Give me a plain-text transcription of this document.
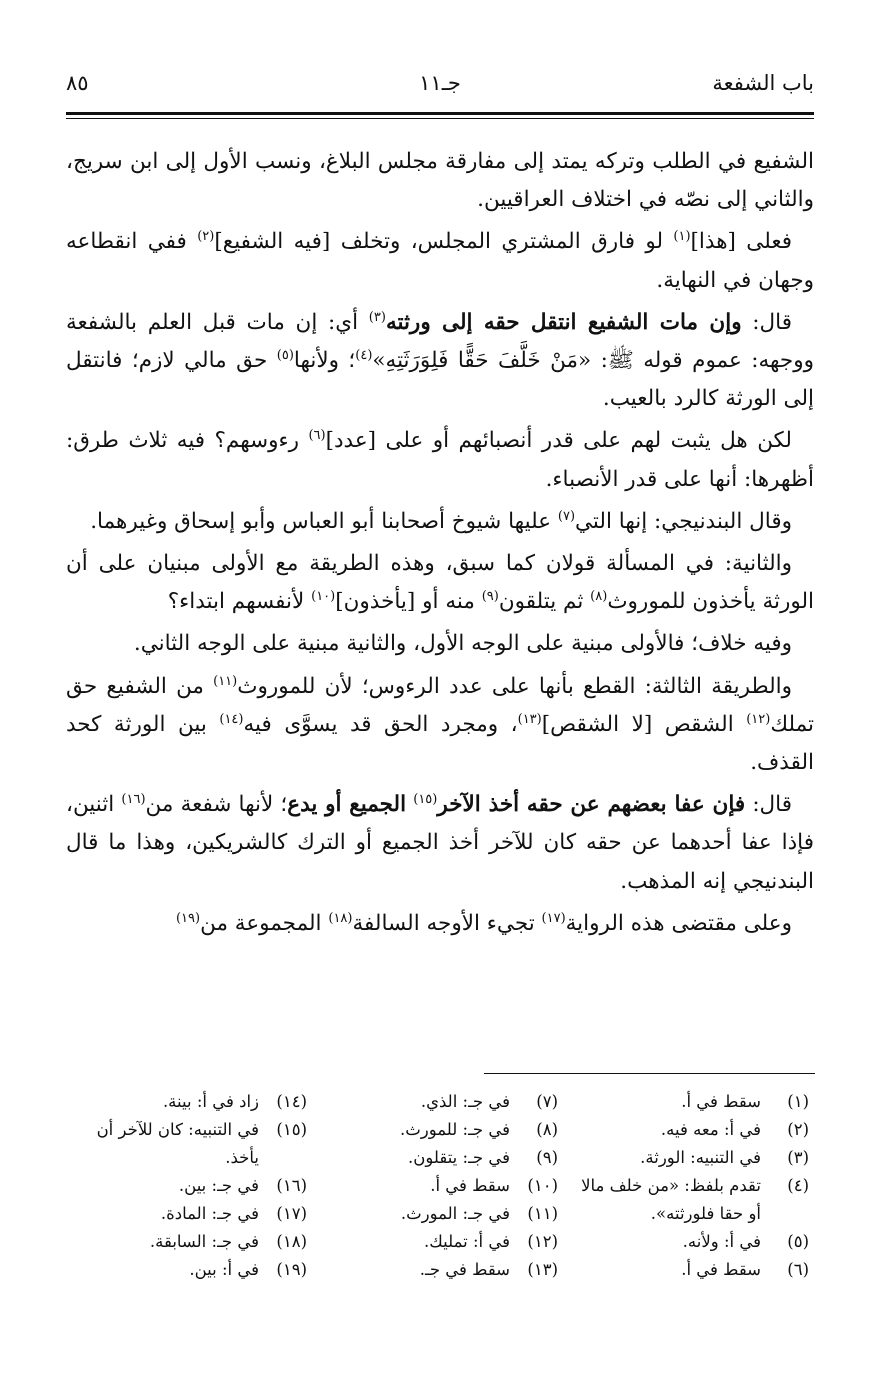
باب الشفعة
جـ١١
٨٥

الشفيع في الطلب وتركه يمتد إلى مفارقة مجلس البلاغ، ونسب الأول إلى ابن سريج، والثاني إلى نصّه في اختلاف العراقيين.

فعلى [هذا]$^{(١)}$ لو فارق المشتري المجلس، وتخلف [فيه الشفيع]$^{(٢)}$ ففي انقطاعه وجهان في النهاية.

قال: وإن مات الشفيع انتقل حقه إلى ورثته$^{(٣)}$ أي: إن مات قبل العلم بالشفعة ووجهه: عموم قوله ﷺ: «مَنْ خَلَّفَ حَقًّا فَلِوَرَثَتِهِ»$^{(٤)}$؛ ولأنها$^{(٥)}$ حق مالي لازم؛ فانتقل إلى الورثة كالرد بالعيب.

لكن هل يثبت لهم على قدر أنصبائهم أو على [عدد]$^{(٦)}$ رءوسهم؟ فيه ثلاث طرق: أظهرها: أنها على قدر الأنصباء.

وقال البندنيجي: إنها التي$^{(٧)}$ عليها شيوخ أصحابنا أبو العباس وأبو إسحاق وغيرهما.

والثانية: في المسألة قولان كما سبق، وهذه الطريقة مع الأولى مبنيان على أن الورثة يأخذون للموروث$^{(٨)}$ ثم يتلقون$^{(٩)}$ منه أو [يأخذون]$^{(١٠)}$ لأنفسهم ابتداء؟

وفيه خلاف؛ فالأولى مبنية على الوجه الأول، والثانية مبنية على الوجه الثاني.

والطريقة الثالثة: القطع بأنها على عدد الرءوس؛ لأن للموروث$^{(١١)}$ من الشفيع حق تملك$^{(١٢)}$ الشقص [لا الشقص]$^{(١٣)}$، ومجرد الحق قد يسوَّى فيه$^{(١٤)}$ بين الورثة كحد القذف.

قال: فإن عفا بعضهم عن حقه أخذ الآخر$^{(١٥)}$ الجميع أو يدع؛ لأنها شفعة من$^{(١٦)}$ اثنين، فإذا عفا أحدهما عن حقه كان للآخر أخذ الجميع أو الترك كالشريكين، وهذا ما قال البندنيجي إنه المذهب.

وعلى مقتضى هذه الرواية$^{(١٧)}$ تجيء الأوجه السالفة$^{(١٨)}$ المجموعة من$^{(١٩)}$

(١)
سقط في أ.
(٢)
في أ: معه فيه.
(٣)
في التنبيه: الورثة.
(٤)
تقدم بلفظ: «من خلف مالا أو حقا فلورثته».
(٥)
في أ: ولأنه.
(٦)
سقط في أ.
(٧)
في جـ: الذي.
(٨)
في جـ: للمورث.
(٩)
في جـ: يتقلون.
(١٠)
سقط في أ.
(١١)
في جـ: المورث.
(١٢)
في أ: تمليك.
(١٣)
سقط في جـ.
(١٤)
زاد في أ: بينة.
(١٥)
في التنبيه: كان للآخر أن يأخذ.
(١٦)
في جـ: بين.
(١٧)
في جـ: المادة.
(١٨)
في جـ: السابقة.
(١٩)
في أ: بين.
